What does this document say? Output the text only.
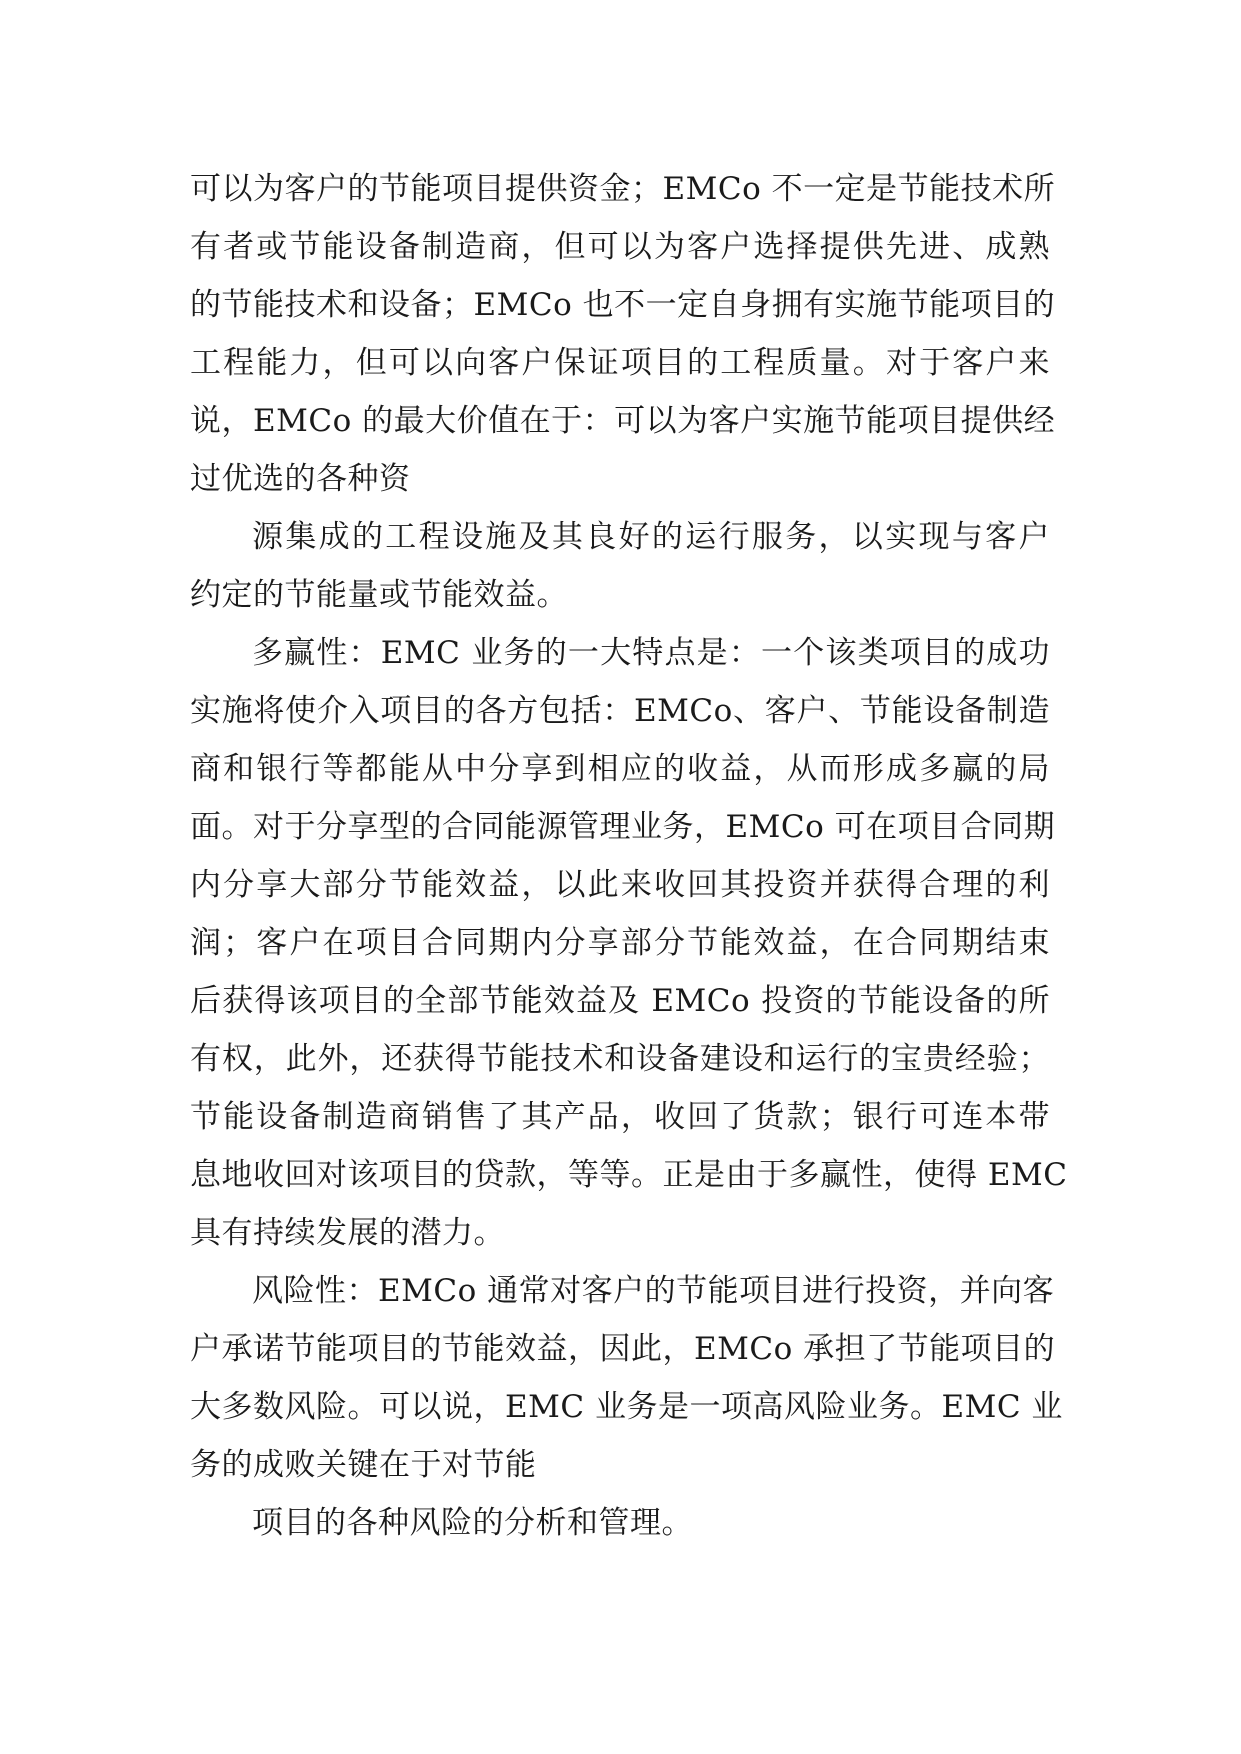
可以为客户的节能项目提供资金；EMCo 不一定是节能技术所
有者或节能设备制造商，但可以为客户选择提供先进、成熟
的节能技术和设备；EMCo 也不一定自身拥有实施节能项目的
工程能力，但可以向客户保证项目的工程质量。对于客户来
说，EMCo 的最大价值在于：可以为客户实施节能项目提供经
过优选的各种资
源集成的工程设施及其良好的运行服务，以实现与客户
约定的节能量或节能效益。
多赢性：EMC 业务的一大特点是：一个该类项目的成功
实施将使介入项目的各方包括：EMCo、客户、节能设备制造
商和银行等都能从中分享到相应的收益，从而形成多赢的局
面。对于分享型的合同能源管理业务，EMCo 可在项目合同期
内分享大部分节能效益，以此来收回其投资并获得合理的利
润；客户在项目合同期内分享部分节能效益，在合同期结束
后获得该项目的全部节能效益及 EMCo 投资的节能设备的所
有权，此外，还获得节能技术和设备建设和运行的宝贵经验；
节能设备制造商销售了其产品，收回了货款；银行可连本带
息地收回对该项目的贷款，等等。正是由于多赢性，使得 EMC
具有持续发展的潜力。
风险性：EMCo 通常对客户的节能项目进行投资，并向客
户承诺节能项目的节能效益，因此，EMCo 承担了节能项目的
大多数风险。可以说，EMC 业务是一项高风险业务。EMC 业
务的成败关键在于对节能
项目的各种风险的分析和管理。
